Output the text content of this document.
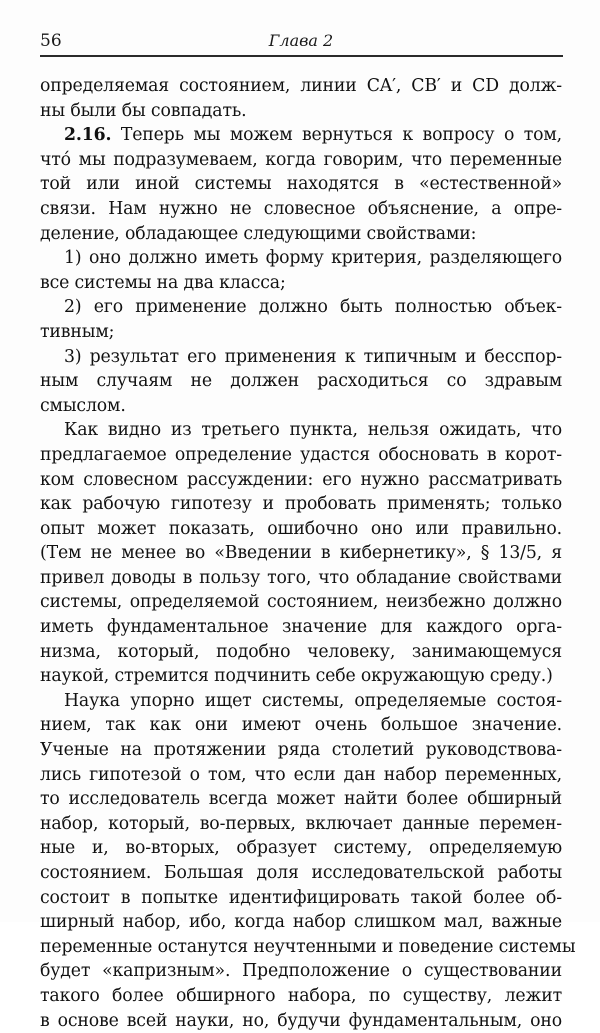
56	Глава 2
определяемая состоянием, линии CA′, CB′ и CD долж-
ны были бы совпадать.
2.16. Теперь мы можем вернуться к вопросу о том,
что́ мы подразумеваем, когда говорим, что переменные
той или иной системы находятся в «естественной»
связи. Нам нужно не словесное объяснение, а опре-
деление, обладающее следующими свойствами:
1) оно должно иметь форму критерия, разделяющего
все системы на два класса;
2) его применение должно быть полностью объек-
тивным;
3) результат его применения к типичным и бесспор-
ным случаям не должен расходиться со здравым
смыслом.
Как видно из третьего пункта, нельзя ожидать, что
предлагаемое определение удастся обосновать в корот-
ком словесном рассуждении: его нужно рассматривать
как рабочую гипотезу и пробовать применять; только
опыт может показать, ошибочно оно или правильно.
(Тем не менее во «Введении в кибернетику», § 13/5, я
привел доводы в пользу того, что обладание свойствами
системы, определяемой состоянием, неизбежно должно
иметь фундаментальное значение для каждого орга-
низма, который, подобно человеку, занимающемуся
наукой, стремится подчинить себе окружающую среду.)
Наука упорно ищет системы, определяемые состоя-
нием, так как они имеют очень большое значение.
Ученые на протяжении ряда столетий руководствова-
лись гипотезой о том, что если дан набор переменных,
то исследователь всегда может найти более обширный
набор, который, во-первых, включает данные перемен-
ные и, во-вторых, образует систему, определяемую
состоянием. Большая доля исследовательской работы
состоит в попытке идентифицировать такой более об-
ширный набор, ибо, когда набор слишком мал, важные
переменные останутся неучтенными и поведение системы
будет «капризным». Предположение о существовании
такого более обширного набора, по существу, лежит
в основе всей науки, но, будучи фундаментальным, оно
